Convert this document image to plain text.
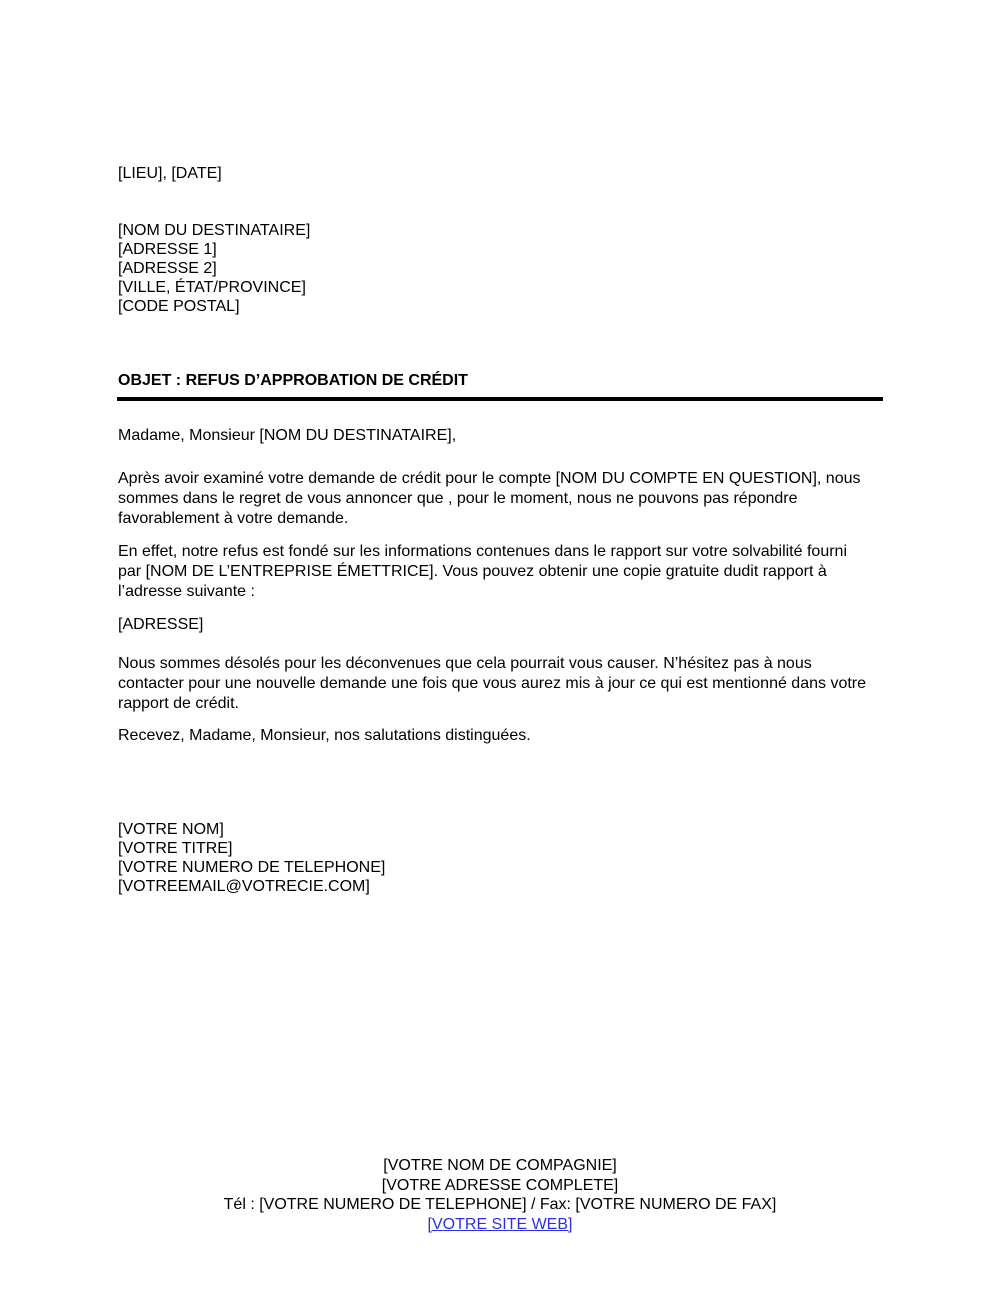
[LIEU], [DATE]
[NOM DU DESTINATAIRE]
[ADRESSE 1]
[ADRESSE 2]
[VILLE, ÉTAT/PROVINCE]
[CODE POSTAL]
OBJET : REFUS D’APPROBATION DE CRÉDIT
Madame, Monsieur [NOM DU DESTINATAIRE],
Après avoir examiné votre demande de crédit pour le compte [NOM DU COMPTE EN QUESTION], nous
sommes dans le regret de vous annoncer que , pour le moment, nous ne pouvons pas répondre
favorablement à votre demande.
En effet, notre refus est fondé sur les informations contenues dans le rapport sur votre solvabilité fourni
par [NOM DE L’ENTREPRISE ÉMETTRICE]. Vous pouvez obtenir une copie gratuite dudit rapport à
l’adresse suivante :
[ADRESSE]
Nous sommes désolés pour les déconvenues que cela pourrait vous causer. N’hésitez pas à nous
contacter pour une nouvelle demande une fois que vous aurez mis à jour ce qui est mentionné dans votre
rapport de crédit.
Recevez, Madame, Monsieur, nos salutations distinguées.
[VOTRE NOM]
[VOTRE TITRE]
[VOTRE NUMERO DE TELEPHONE]
[VOTREEMAIL@VOTRECIE.COM]
[VOTRE NOM DE COMPAGNIE]
[VOTRE ADRESSE COMPLETE]
Tél : [VOTRE NUMERO DE TELEPHONE] / Fax: [VOTRE NUMERO DE FAX]
[VOTRE SITE WEB]
